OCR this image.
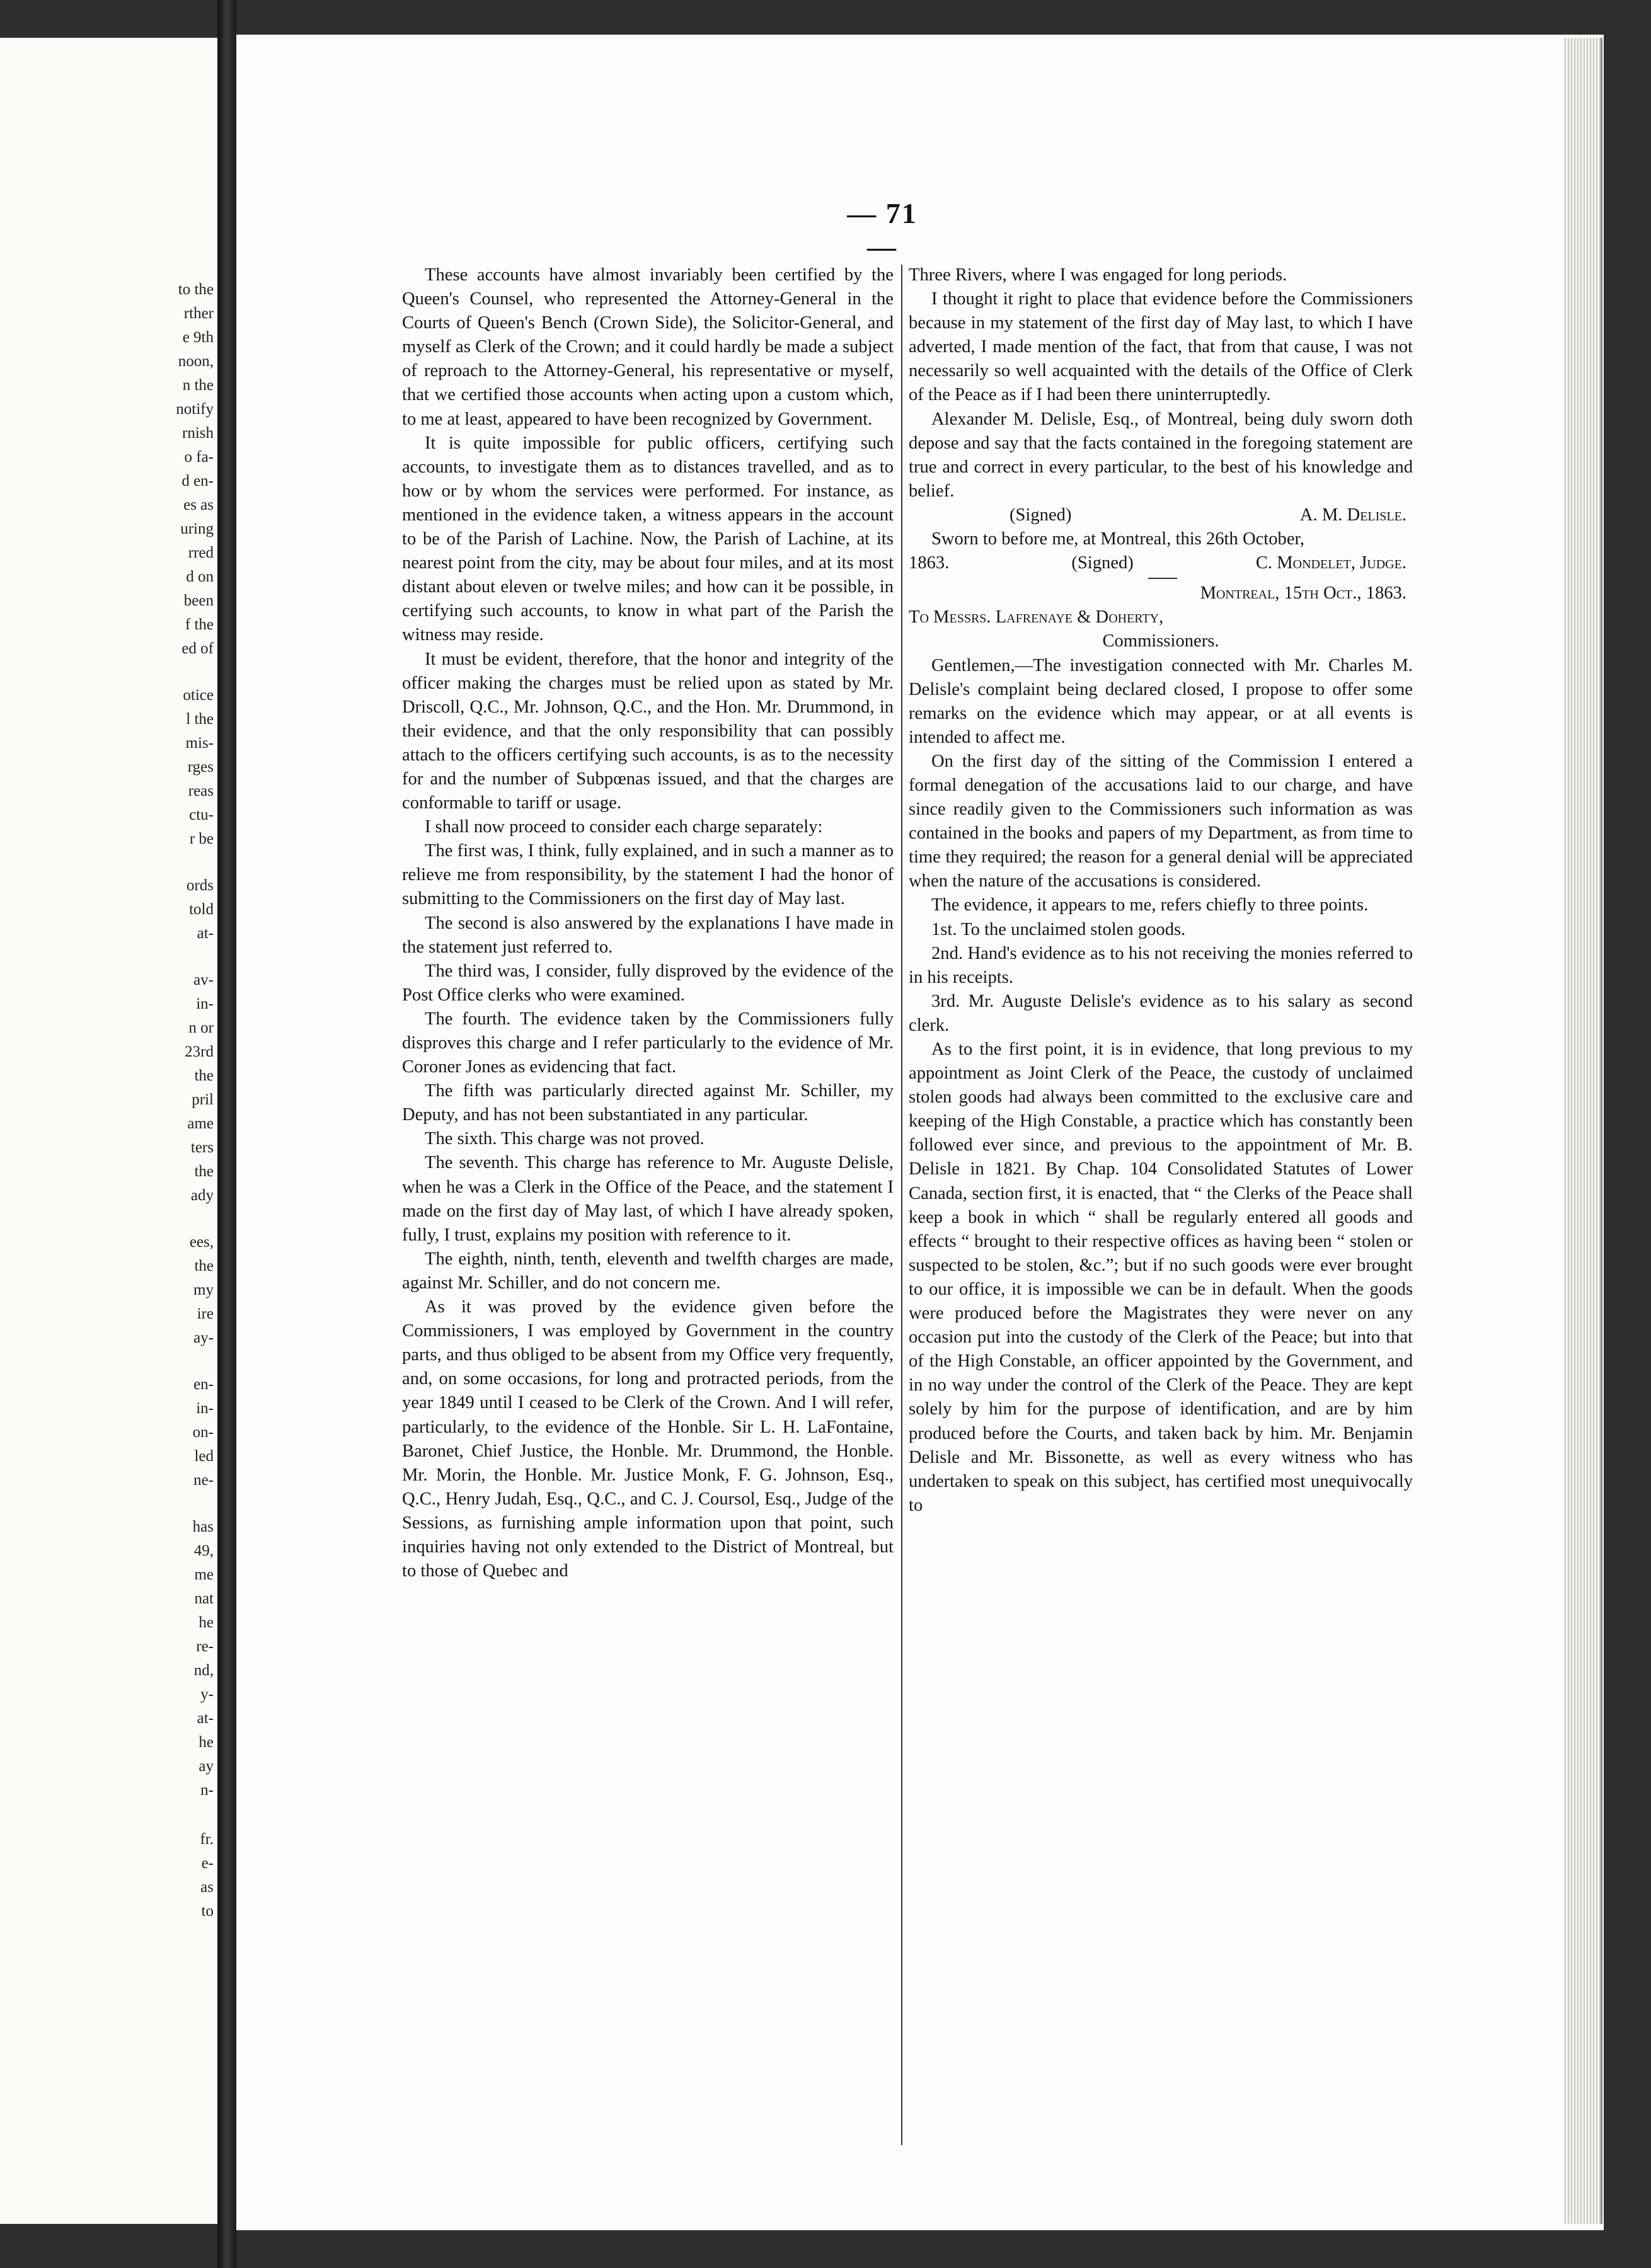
to the
rther
e 9th
noon,
n the
notify
rnish
o fa-
d en-
es as
uring
rred
d on
been
f the
ed of
otice
l the
mis-
rges
reas
ctu-
r be
ords
told
at-
av-
in-
n or
23rd
the
pril
ame
ters
the
ady
ees,
the
my
ire
ay-
en-
in-
on-
led
ne-
has
49,
me
nat
he
re-
nd,
y-
at-
he
ay
n-
fr.
e-
as
to
— 71 —

These accounts have almost invariably been certified by the Queen's Counsel, who represented the Attorney-General in the Courts of Queen's Bench (Crown Side), the Solicitor-General, and myself as Clerk of the Crown; and it could hardly be made a subject of reproach to the Attorney-General, his representative or myself, that we certified those accounts when acting upon a custom which, to me at least, appeared to have been recognized by Government.

It is quite impossible for public officers, certifying such accounts, to investigate them as to distances travelled, and as to how or by whom the services were performed. For instance, as mentioned in the evidence taken, a witness appears in the account to be of the Parish of Lachine. Now, the Parish of Lachine, at its nearest point from the city, may be about four miles, and at its most distant about eleven or twelve miles; and how can it be possible, in certifying such accounts, to know in what part of the Parish the witness may reside.

It must be evident, therefore, that the honor and integrity of the officer making the charges must be relied upon as stated by Mr. Driscoll, Q.C., Mr. Johnson, Q.C., and the Hon. Mr. Drummond, in their evidence, and that the only responsibility that can possibly attach to the officers certifying such accounts, is as to the necessity for and the number of Subpœnas issued, and that the charges are conformable to tariff or usage.

I shall now proceed to consider each charge separately:

The first was, I think, fully explained, and in such a manner as to relieve me from responsibility, by the statement I had the honor of submitting to the Commissioners on the first day of May last.

The second is also answered by the explanations I have made in the statement just referred to.

The third was, I consider, fully disproved by the evidence of the Post Office clerks who were examined.

The fourth. The evidence taken by the Commissioners fully disproves this charge and I refer particularly to the evidence of Mr. Coroner Jones as evidencing that fact.

The fifth was particularly directed against Mr. Schiller, my Deputy, and has not been substantiated in any particular.

The sixth. This charge was not proved.

The seventh. This charge has reference to Mr. Auguste Delisle, when he was a Clerk in the Office of the Peace, and the statement I made on the first day of May last, of which I have already spoken, fully, I trust, explains my position with reference to it.

The eighth, ninth, tenth, eleventh and twelfth charges are made, against Mr. Schiller, and do not concern me.

As it was proved by the evidence given before the Commissioners, I was employed by Government in the country parts, and thus obliged to be absent from my Office very frequently, and, on some occasions, for long and protracted periods, from the year 1849 until I ceased to be Clerk of the Crown. And I will refer, particularly, to the evidence of the Honble. Sir L. H. LaFontaine, Baronet, Chief Justice, the Honble. Mr. Drummond, the Honble. Mr. Morin, the Honble. Mr. Justice Monk, F. G. Johnson, Esq., Q.C., Henry Judah, Esq., Q.C., and C. J. Coursol, Esq., Judge of the Sessions, as furnishing ample information upon that point, such inquiries having not only extended to the District of Montreal, but to those of Quebec and

Three Rivers, where I was engaged for long periods.

I thought it right to place that evidence before the Commissioners because in my statement of the first day of May last, to which I have adverted, I made mention of the fact, that from that cause, I was not necessarily so well acquainted with the details of the Office of Clerk of the Peace as if I had been there uninterruptedly.

Alexander M. Delisle, Esq., of Montreal, being duly sworn doth depose and say that the facts contained in the foregoing statement are true and correct in every particular, to the best of his knowledge and belief.

(Signed)	A. M. Delisle.

Sworn to before me, at Montreal, this 26th October,

1863.	(Signed)	C. Mondelet, Judge.

Montreal, 15th Oct., 1863.

To Messrs. Lafrenaye & Doherty,

Commissioners.

Gentlemen,—The investigation connected with Mr. Charles M. Delisle's complaint being declared closed, I propose to offer some remarks on the evidence which may appear, or at all events is intended to affect me.

On the first day of the sitting of the Commission I entered a formal denegation of the accusations laid to our charge, and have since readily given to the Commissioners such information as was contained in the books and papers of my Department, as from time to time they required; the reason for a general denial will be appreciated when the nature of the accusations is considered.

The evidence, it appears to me, refers chiefly to three points.

1st. To the unclaimed stolen goods.

2nd. Hand's evidence as to his not receiving the monies referred to in his receipts.

3rd. Mr. Auguste Delisle's evidence as to his salary as second clerk.

As to the first point, it is in evidence, that long previous to my appointment as Joint Clerk of the Peace, the custody of unclaimed stolen goods had always been committed to the exclusive care and keeping of the High Constable, a practice which has constantly been followed ever since, and previous to the appointment of Mr. B. Delisle in 1821. By Chap. 104 Consolidated Statutes of Lower Canada, section first, it is enacted, that “ the Clerks of the Peace shall keep a book in which “ shall be regularly entered all goods and effects “ brought to their respective offices as having been “ stolen or suspected to be stolen, &c.”; but if no such goods were ever brought to our office, it is impossible we can be in default. When the goods were produced before the Magistrates they were never on any occasion put into the custody of the Clerk of the Peace; but into that of the High Constable, an officer appointed by the Government, and in no way under the control of the Clerk of the Peace. They are kept solely by him for the purpose of identification, and are by him produced before the Courts, and taken back by him. Mr. Benjamin Delisle and Mr. Bissonette, as well as every witness who has undertaken to speak on this subject, has certified most unequivocally to
